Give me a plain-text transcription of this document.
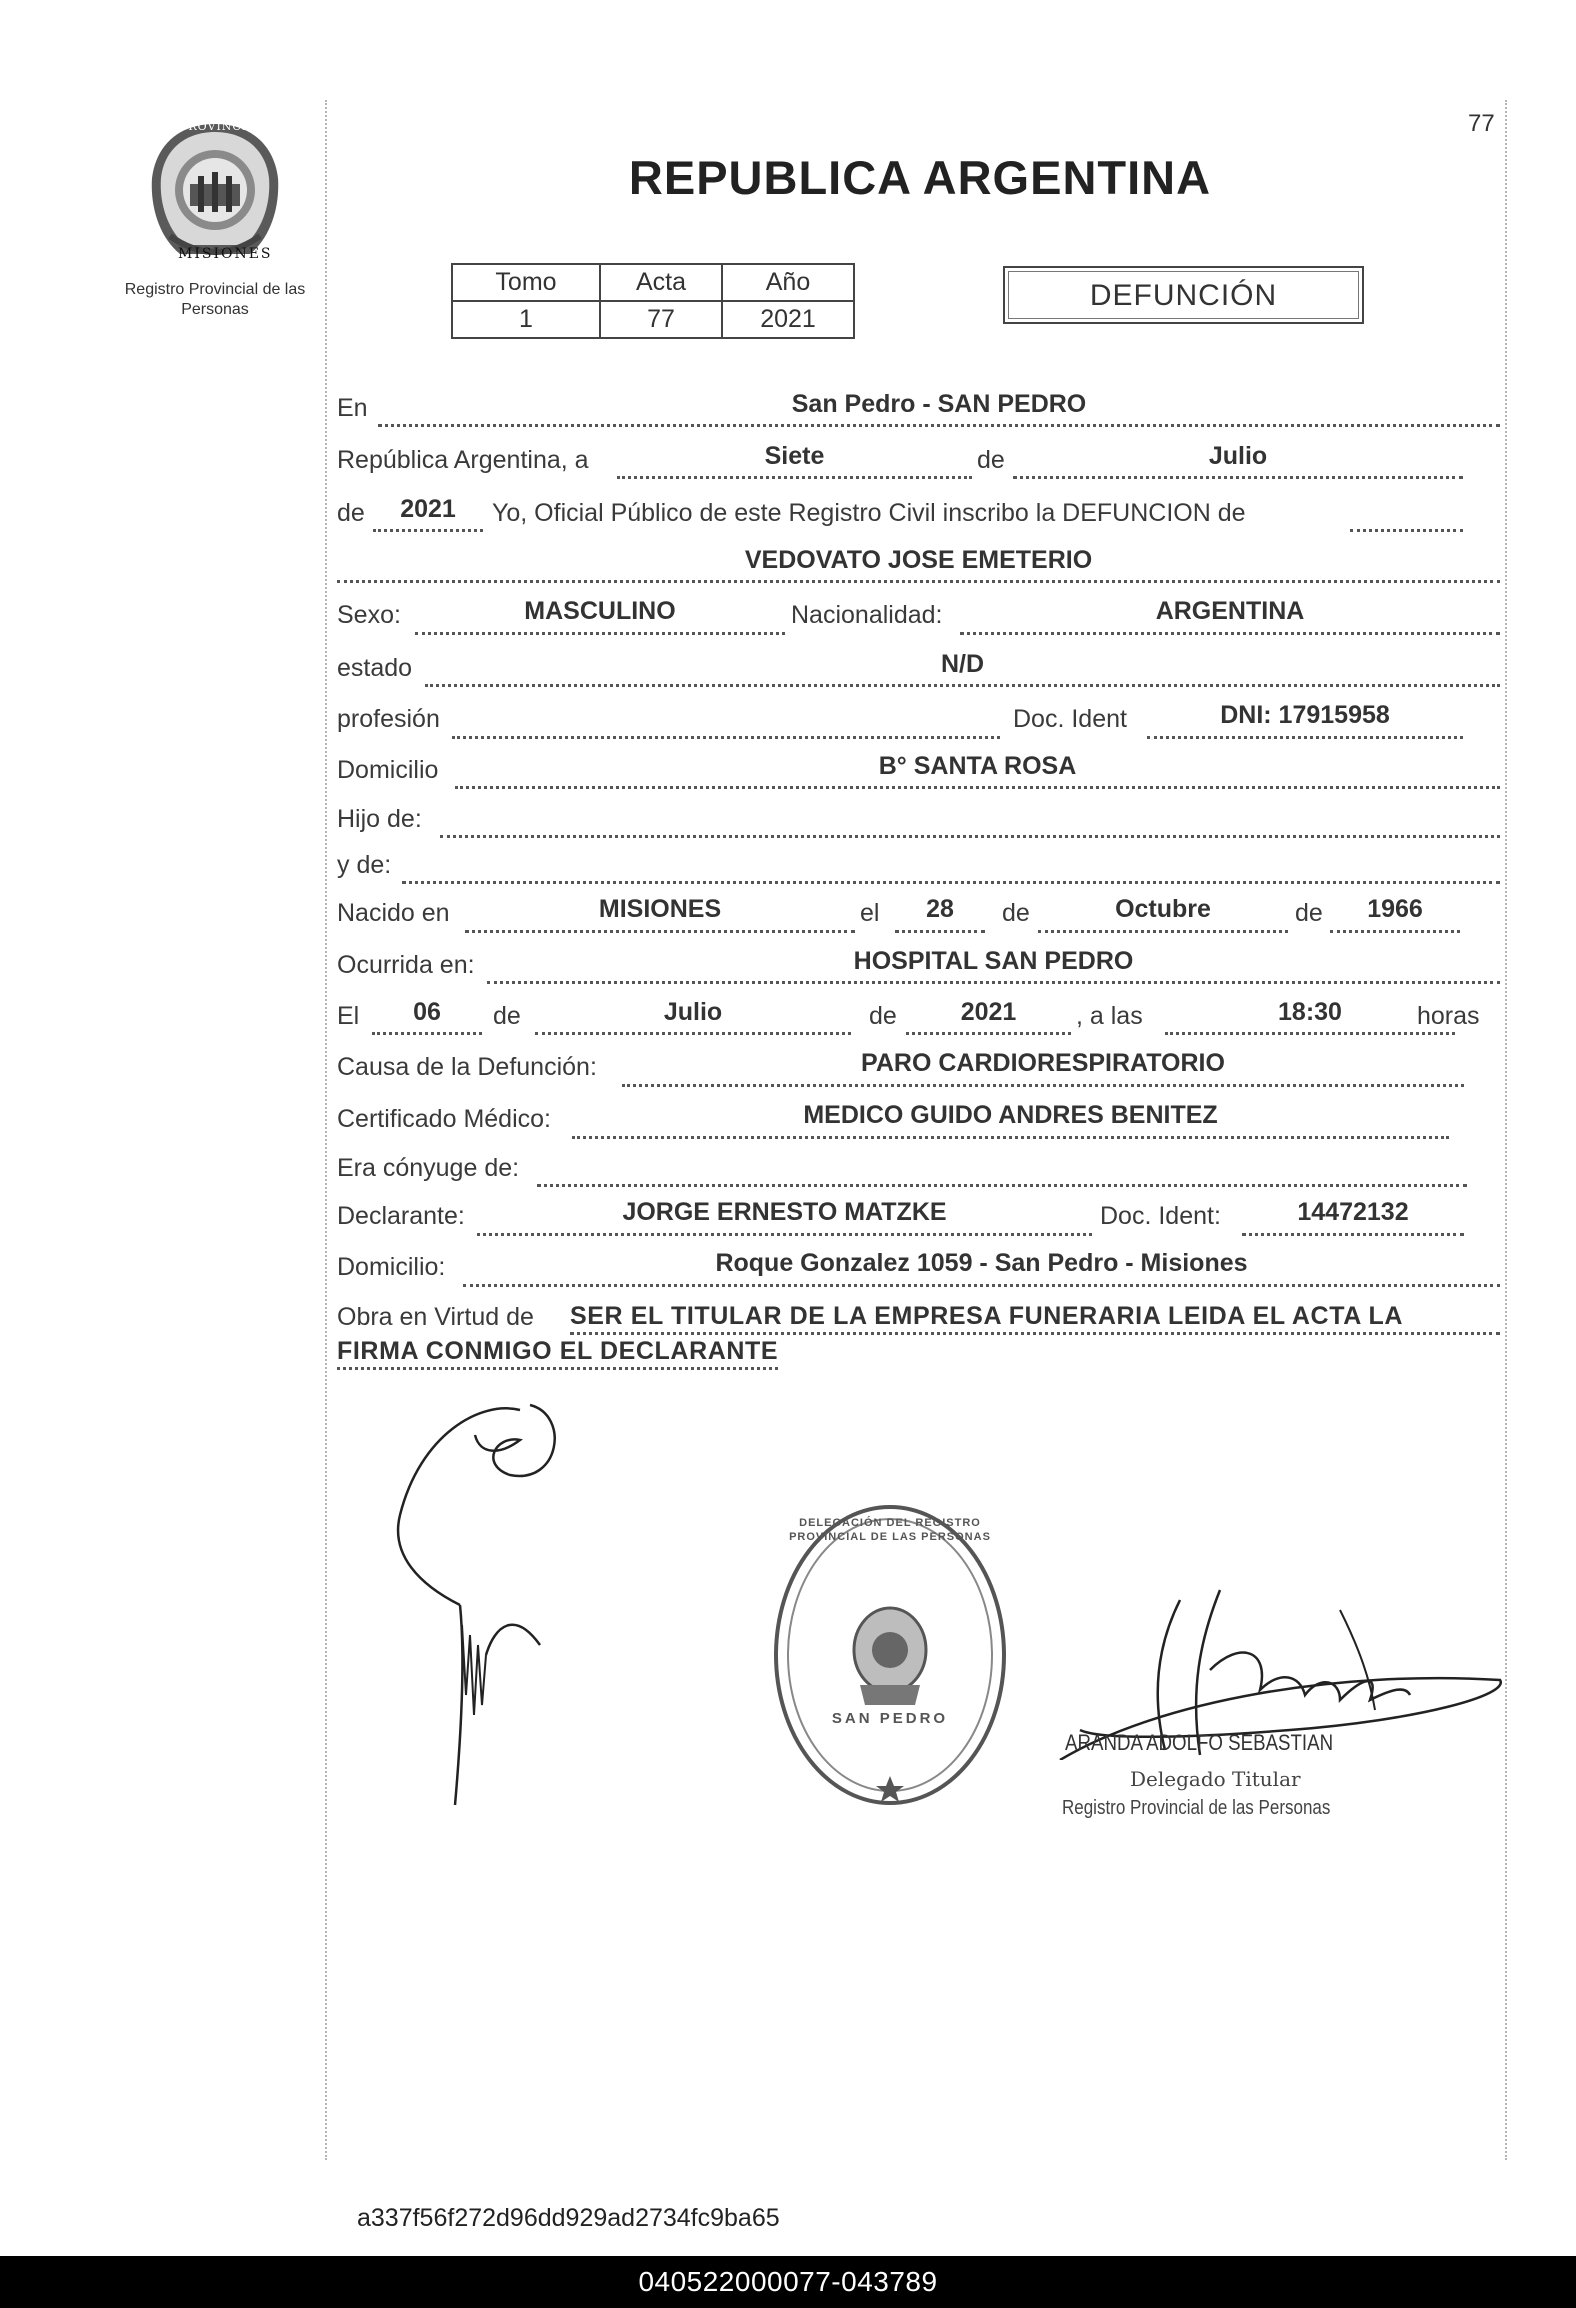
PROVINCIA DE
MISIONES
Registro Provincial de las Personas
77
REPUBLICA ARGENTINA
Tomo	Acta	Año
1	77	2021
DEFUNCIÓN
En	San Pedro - SAN PEDRO
República Argentina, a	Siete	de	Julio
de	2021	Yo, Oficial Público de este Registro Civil inscribo la DEFUNCION de
VEDOVATO JOSE EMETERIO
Sexo:	MASCULINO	Nacionalidad:	ARGENTINA
estado	N/D
profesión	Doc. Ident	DNI: 17915958
Domicilio	B° SANTA ROSA
Hijo de:
y de:
Nacido en	MISIONES	el	28	de	Octubre	de	1966
Ocurrida en:	HOSPITAL SAN PEDRO
El	06	de	Julio	de	2021	, a las	18:30	horas
Causa de la Defunción:	PARO CARDIORESPIRATORIO
Certificado Médico:	MEDICO GUIDO ANDRES BENITEZ
Era cónyuge de:
Declarante:	JORGE ERNESTO MATZKE	Doc. Ident:	14472132
Domicilio:	Roque Gonzalez 1059 - San Pedro - Misiones
Obra en Virtud de SER EL TITULAR DE LA EMPRESA FUNERARIA LEIDA EL ACTA LA
FIRMA CONMIGO EL DECLARANTE
DELEGACIÓN DEL REGISTRO PROVINCIAL DE LAS PERSONAS
SAN PEDRO
ARANDA ADOLFO SEBASTIAN
Delegado Titular
Registro Provincial de las Personas
a337f56f272d96dd929ad2734fc9ba65
040522000077-043789
